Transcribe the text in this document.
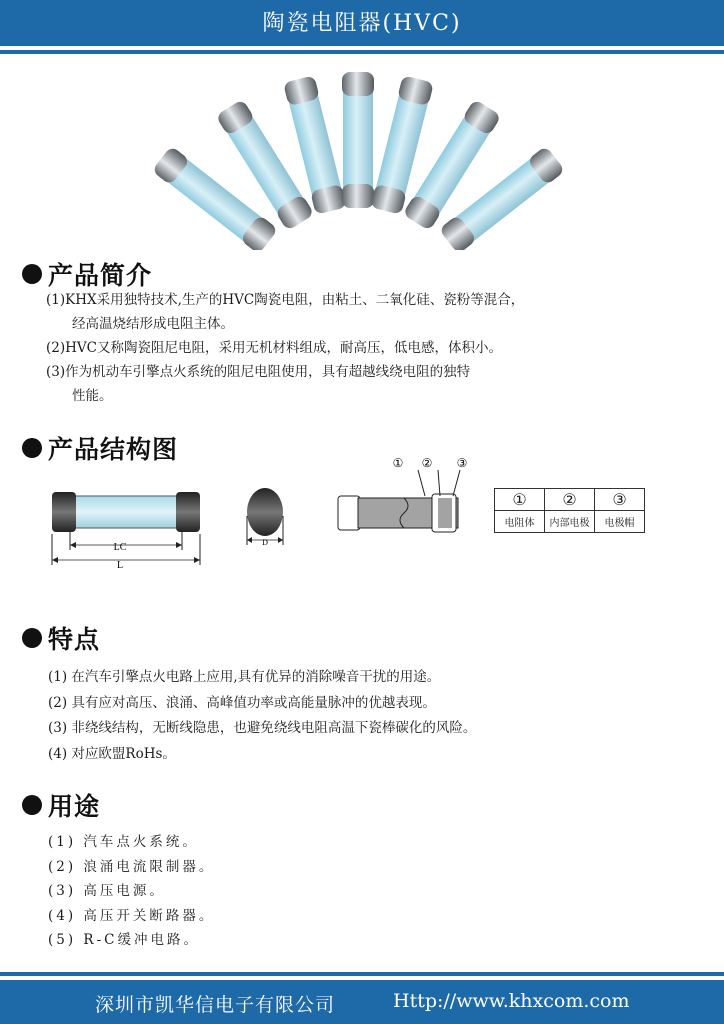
陶瓷电阻器(HVC)
产品简介
(1)KHX采用独特技术,生产的HVC陶瓷电阻，由粘土、二氧化硅、瓷粉等混合，
经高温烧结形成电阻主体。
(2)HVC又称陶瓷阻尼电阻，采用无机材料组成，耐高压，低电感，体积小。
(3)作为机动车引擎点火系统的阻尼电阻使用，具有超越线绕电阻的独特
性能。
产品结构图
LC
L
D
① ② ③
①	②	③
电阻体	内部电极	电极帽
特点
(1) 在汽车引擎点火电路上应用,具有优异的消除噪音干扰的用途。
(2) 具有应对高压、浪涌、高峰值功率或高能量脉冲的优越表现。
(3) 非绕线结构，无断线隐患，也避免绕线电阻高温下瓷棒碳化的风险。
(4) 对应欧盟RoHs。
用途
(1) 汽车点火系统。
(2) 浪涌电流限制器。
(3) 高压电源。
(4) 高压开关断路器。
(5) R-C缓冲电路。
深圳市凯华信电子有限公司	Http://www.khxcom.com
